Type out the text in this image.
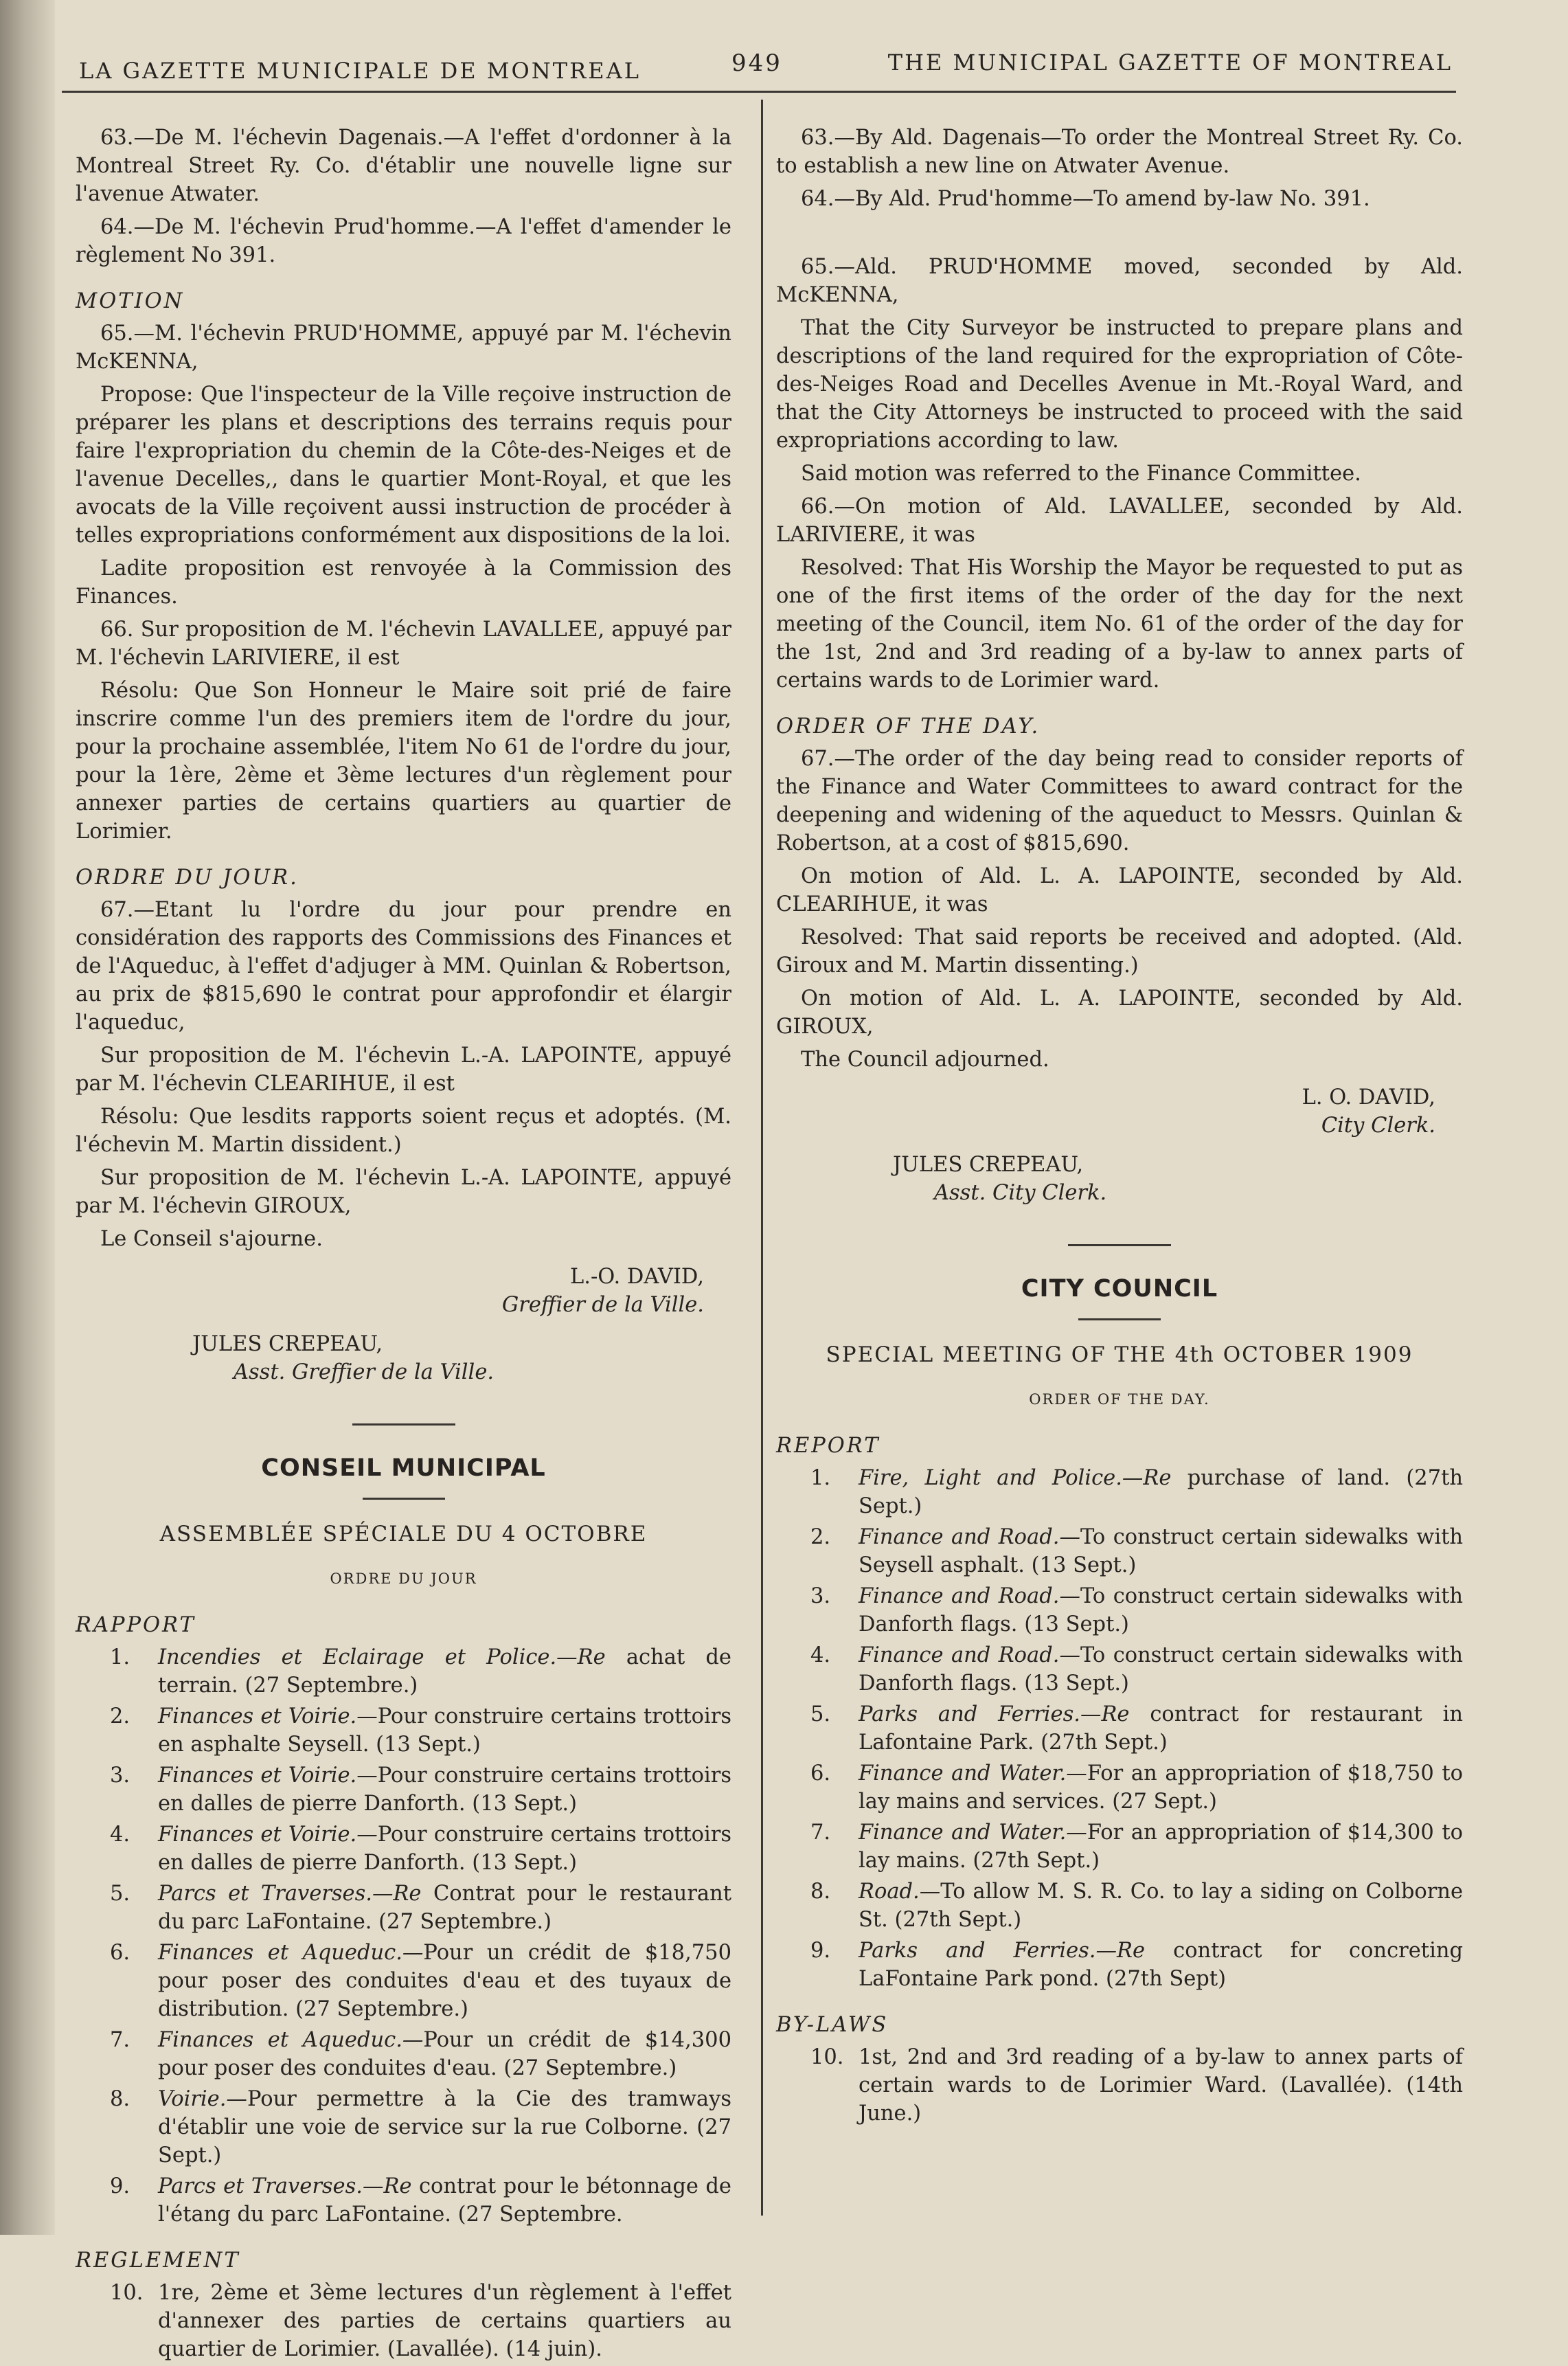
LA GAZETTE MUNICIPALE DE MONTREAL	949	THE MUNICIPAL GAZETTE OF MONTREAL

63.—De M. l'échevin Dagenais.—A l'effet d'ordonner à la Montreal Street Ry. Co. d'établir une nouvelle ligne sur l'avenue Atwater.

64.—De M. l'échevin Prud'homme.—A l'effet d'amender le règlement No 391.

MOTION

65.—M. l'échevin PRUD'HOMME, appuyé par M. l'échevin McKENNA,

Propose: Que l'inspecteur de la Ville reçoive instruction de préparer les plans et descriptions des terrains requis pour faire l'expropriation du chemin de la Côte-des-Neiges et de l'avenue Decelles,, dans le quartier Mont-Royal, et que les avocats de la Ville reçoivent aussi instruction de procéder à telles expropriations conformément aux dispositions de la loi.

Ladite proposition est renvoyée à la Commission des Finances.

66. Sur proposition de M. l'échevin LAVALLEE, appuyé par M. l'échevin LARIVIERE, il est

Résolu: Que Son Honneur le Maire soit prié de faire inscrire comme l'un des premiers item de l'ordre du jour, pour la prochaine assemblée, l'item No 61 de l'ordre du jour, pour la 1ère, 2ème et 3ème lectures d'un règlement pour annexer parties de certains quartiers au quartier de Lorimier.

ORDRE DU JOUR.

67.—Etant lu l'ordre du jour pour prendre en considération des rapports des Commissions des Finances et de l'Aqueduc, à l'effet d'adjuger à MM. Quinlan & Robertson, au prix de $815,690 le contrat pour approfondir et élargir l'aqueduc,

Sur proposition de M. l'échevin L.-A. LAPOINTE, appuyé par M. l'échevin CLEARIHUE, il est

Résolu: Que lesdits rapports soient reçus et adoptés. (M. l'échevin M. Martin dissident.)

Sur proposition de M. l'échevin L.-A. LAPOINTE, appuyé par M. l'échevin GIROUX,

Le Conseil s'ajourne.

L.-O. DAVID,
Greffier de la Ville.
JULES CREPEAU,
Asst. Greffier de la Ville.
CONSEIL MUNICIPAL
ASSEMBLÉE SPÉCIALE DU 4 OCTOBRE
ORDRE DU JOUR
RAPPORT
1. Incendies et Eclairage et Police.—Re achat de terrain. (27 Septembre.)
2. Finances et Voirie.—Pour construire certains trottoirs en asphalte Seysell. (13 Sept.)
3. Finances et Voirie.—Pour construire certains trottoirs en dalles de pierre Danforth. (13 Sept.)
4. Finances et Voirie.—Pour construire certains trottoirs en dalles de pierre Danforth. (13 Sept.)
5. Parcs et Traverses.—Re Contrat pour le restaurant du parc LaFontaine. (27 Septembre.)
6. Finances et Aqueduc.—Pour un crédit de $18,750 pour poser des conduites d'eau et des tuyaux de distribution. (27 Septembre.)
7. Finances et Aqueduc.—Pour un crédit de $14,300 pour poser des conduites d'eau. (27 Septembre.)
8. Voirie.—Pour permettre à la Cie des tramways d'établir une voie de service sur la rue Colborne. (27 Sept.)
9. Parcs et Traverses.—Re contrat pour le bétonnage de l'étang du parc LaFontaine. (27 Septembre.
REGLEMENT
10. 1re, 2ème et 3ème lectures d'un règlement à l'effet d'annexer des parties de certains quartiers au quartier de Lorimier. (Lavallée). (14 juin).

63.—By Ald. Dagenais—To order the Montreal Street Ry. Co. to establish a new line on Atwater Avenue.

64.—By Ald. Prud'homme—To amend by-law No. 391.

65.—Ald. PRUD'HOMME moved, seconded by Ald. McKENNA,

That the City Surveyor be instructed to prepare plans and descriptions of the land required for the expropriation of Côte-des-Neiges Road and Decelles Avenue in Mt.-Royal Ward, and that the City Attorneys be instructed to proceed with the said expropriations according to law.

Said motion was referred to the Finance Committee.

66.—On motion of Ald. LAVALLEE, seconded by Ald. LARIVIERE, it was

Resolved: That His Worship the Mayor be requested to put as one of the first items of the order of the day for the next meeting of the Council, item No. 61 of the order of the day for the 1st, 2nd and 3rd reading of a by-law to annex parts of certains wards to de Lorimier ward.

ORDER OF THE DAY.

67.—The order of the day being read to consider reports of the Finance and Water Committees to award contract for the deepening and widening of the aqueduct to Messrs. Quinlan & Robertson, at a cost of $815,690.

On motion of Ald. L. A. LAPOINTE, seconded by Ald. CLEARIHUE, it was

Resolved: That said reports be received and adopted. (Ald. Giroux and M. Martin dissenting.)

On motion of Ald. L. A. LAPOINTE, seconded by Ald. GIROUX,

The Council adjourned.

L. O. DAVID,
City Clerk.
JULES CREPEAU,
Asst. City Clerk.
CITY COUNCIL
SPECIAL MEETING OF THE 4th OCTOBER 1909
ORDER OF THE DAY.
REPORT
1. Fire, Light and Police.—Re purchase of land. (27th Sept.)
2. Finance and Road.—To construct certain sidewalks with Seysell asphalt. (13 Sept.)
3. Finance and Road.—To construct certain sidewalks with Danforth flags. (13 Sept.)
4. Finance and Road.—To construct certain sidewalks with Danforth flags. (13 Sept.)
5. Parks and Ferries.—Re contract for restaurant in Lafontaine Park. (27th Sept.)
6. Finance and Water.—For an appropriation of $18,750 to lay mains and services. (27 Sept.)
7. Finance and Water.—For an appropriation of $14,300 to lay mains. (27th Sept.)
8. Road.—To allow M. S. R. Co. to lay a siding on Colborne St. (27th Sept.)
9. Parks and Ferries.—Re contract for concreting LaFontaine Park pond. (27th Sept)
BY-LAWS
10. 1st, 2nd and 3rd reading of a by-law to annex parts of certain wards to de Lorimier Ward. (Lavallée). (14th June.)
